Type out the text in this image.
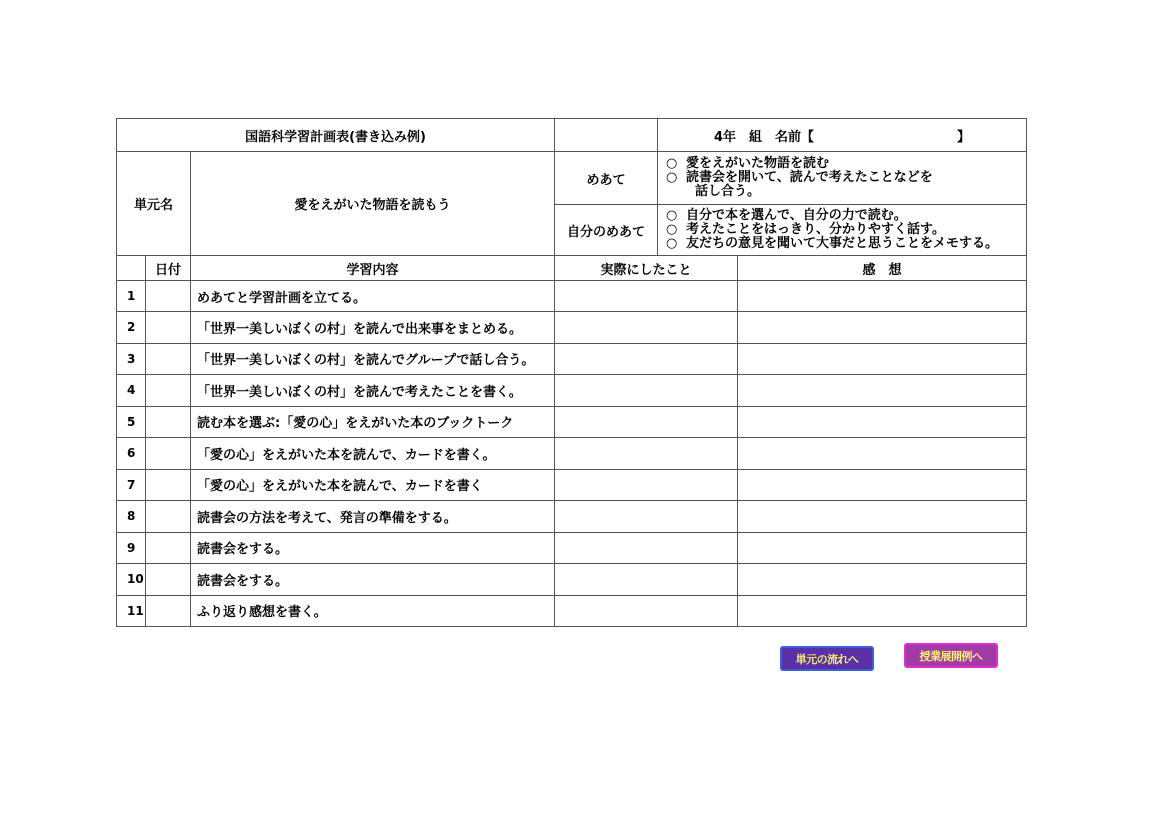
国語科学習計画表(書き込み例)				4年　組　名前【　　　　　　　　　　　】	
単元名		愛をえがいた物語を読もう	めあて	○ 愛をえがいた物語を読む
○ 読書会を開いて、読んで考えたことなどを
話し合う。	

			自分のめあて	○ 自分で本を選んで、自分の力で読む。
○ 考えたことをはっきり、分かりやすく話す。
○ 友だちの意見を聞いて大事だと思うことをメモする。	

	日付	学習内容	実際にしたこと		感　想
1		めあてと学習計画を立てる。			
2		「世界一美しいぼくの村」を読んで出来事をまとめる。			
3		「世界一美しいぼくの村」を読んでグループで話し合う。			
4		「世界一美しいぼくの村」を読んで考えたことを書く。			
5		読む本を選ぶ:「愛の心」をえがいた本のブックトーク			
6		「愛の心」をえがいた本を読んで、カードを書く。			
7		「愛の心」をえがいた本を読んで、カードを書く			
8		読書会の方法を考えて、発言の準備をする。			
9		読書会をする。			
10		読書会をする。			
11		ふり返り感想を書く。			
単元の流れへ	授業展開例へ
